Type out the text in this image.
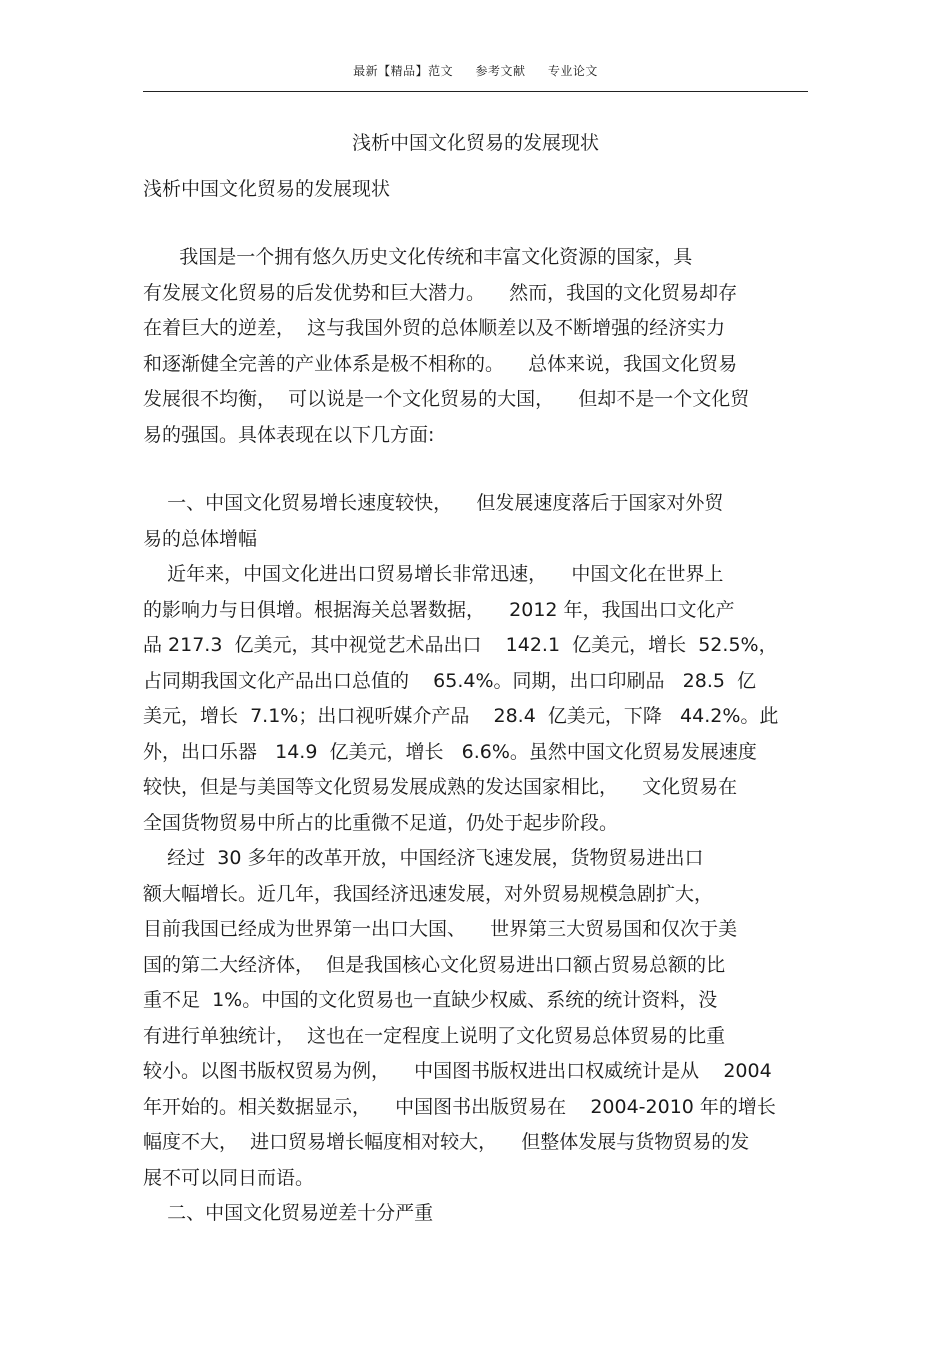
最新【精品】范文 参考文献 专业论文
浅析中国文化贸易的发展现状
浅析中国文化贸易的发展现状
我国是一个拥有悠久历史文化传统和丰富文化资源的国家，具
有发展文化贸易的后发优势和巨大潜力。    然而，我国的文化贸易却存
在着巨大的逆差，  这与我国外贸的总体顺差以及不断增强的经济实力
和逐渐健全完善的产业体系是极不相称的。    总体来说，我国文化贸易
发展很不均衡，  可以说是一个文化贸易的大国，    但却不是一个文化贸
易的强国。具体表现在以下几方面:
一、中国文化贸易增长速度较快，    但发展速度落后于国家对外贸
易的总体增幅
近年来，中国文化进出口贸易增长非常迅速，    中国文化在世界上
的影响力与日俱增。根据海关总署数据，    2012 年，我国出口文化产
品 217.3  亿美元，其中视觉艺术品出口    142.1  亿美元，增长  52.5%，
占同期我国文化产品出口总值的    65.4%。同期，出口印刷品   28.5  亿
美元，增长  7.1%；出口视听媒介产品    28.4  亿美元，下降   44.2%。此
外，出口乐器   14.9  亿美元，增长   6.6%。虽然中国文化贸易发展速度
较快，但是与美国等文化贸易发展成熟的发达国家相比，    文化贸易在
全国货物贸易中所占的比重微不足道，仍处于起步阶段。
经过  30 多年的改革开放，中国经济飞速发展，货物贸易进出口
额大幅增长。近几年，我国经济迅速发展，对外贸易规模急剧扩大，
目前我国已经成为世界第一出口大国、    世界第三大贸易国和仅次于美
国的第二大经济体，  但是我国核心文化贸易进出口额占贸易总额的比
重不足  1%。中国的文化贸易也一直缺少权威、系统的统计资料，没
有进行单独统计，  这也在一定程度上说明了文化贸易总体贸易的比重
较小。以图书版权贸易为例，    中国图书版权进出口权威统计是从    2004
年开始的。相关数据显示，    中国图书出版贸易在    2004-2010 年的增长
幅度不大，  进口贸易增长幅度相对较大，    但整体发展与货物贸易的发
展不可以同日而语。
二、中国文化贸易逆差十分严重
